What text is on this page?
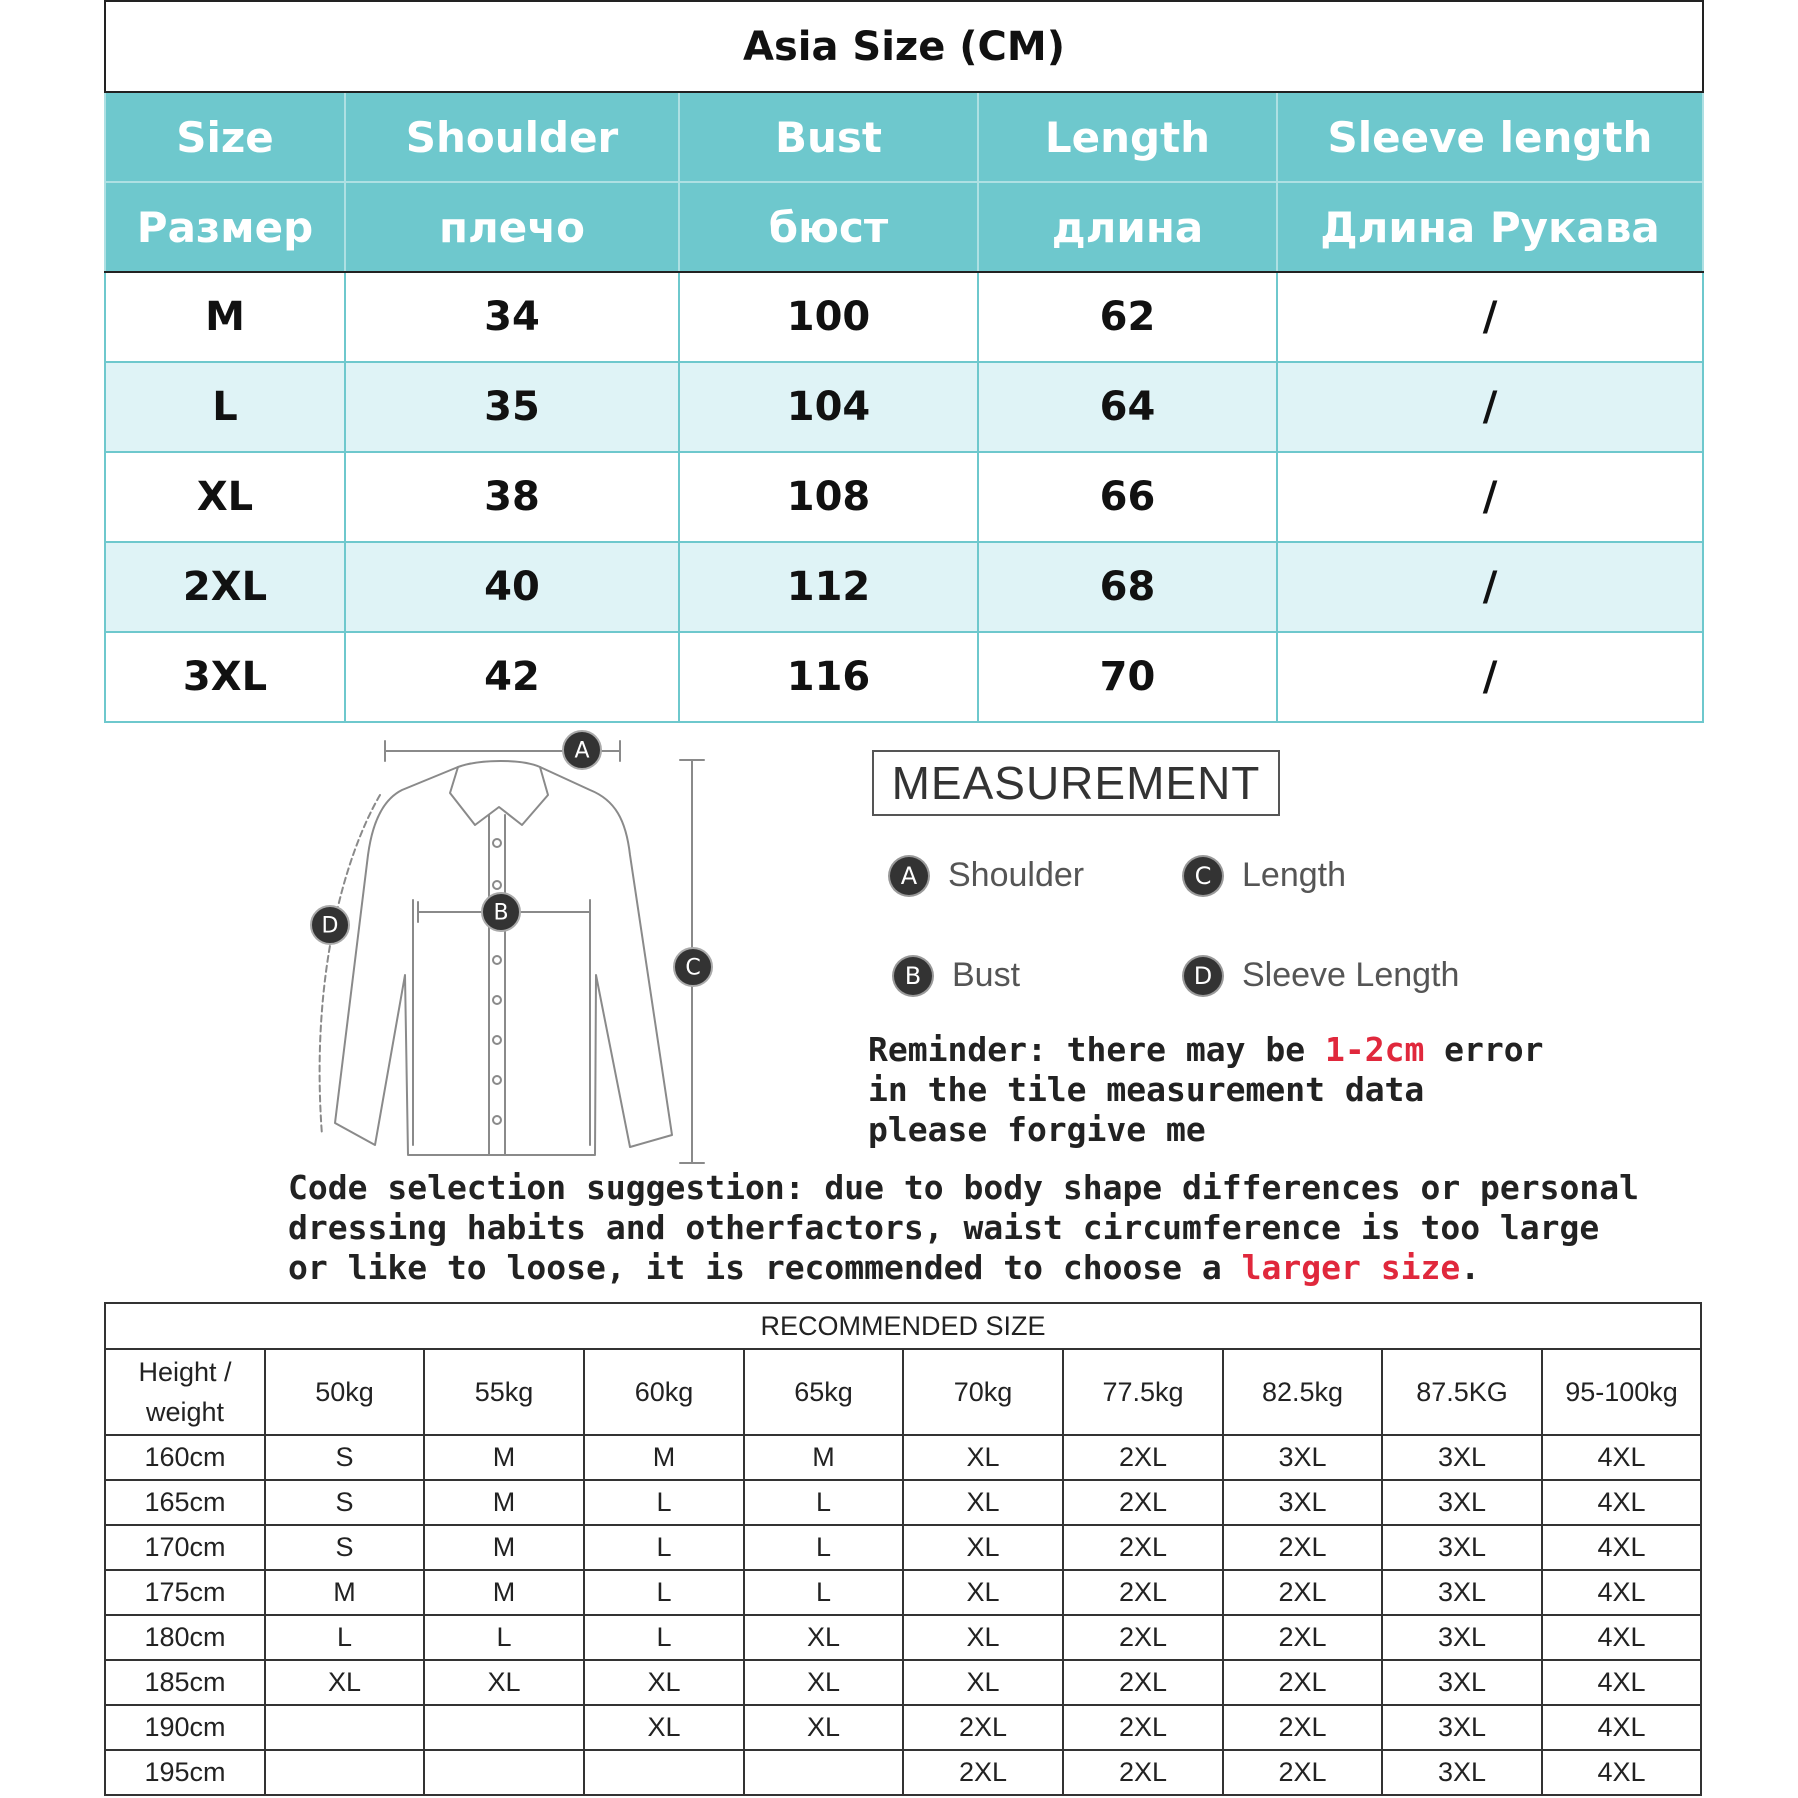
Asia Size (CM)				
Size	Shoulder	Bust	Length	Sleeve length
Размер	плечо	бюст	длина	Длина Рукава
M	34	100	62	/
L	35	104	64	/
XL	38	108	66	/
2XL	40	112	68	/
3XL	42	116	70	/
A
B
C
D
MEASUREMENT
A Shoulder	C Length
B Bust	D Sleeve Length
Reminder: there may be 1-2cm error
in the tile measurement data
please forgive me
Code selection suggestion: due to body shape differences or personal
dressing habits and otherfactors, waist circumference is too large
or like to loose, it is recommended to choose a larger size.
RECOMMENDED SIZE									

Height /
weight	50kg	55kg	60kg	65kg	70kg	77.5kg	82.5kg	87.5KG	95-100kg
160cm	S	M	M	M	XL	2XL	3XL	3XL	4XL
165cm	S	M	L	L	XL	2XL	3XL	3XL	4XL
170cm	S	M	L	L	XL	2XL	2XL	3XL	4XL
175cm	M	M	L	L	XL	2XL	2XL	3XL	4XL
180cm	L	L	L	XL	XL	2XL	2XL	3XL	4XL
185cm	XL	XL	XL	XL	XL	2XL	2XL	3XL	4XL
190cm			XL	XL	2XL	2XL	2XL	3XL	4XL
195cm					2XL	2XL	2XL	3XL	4XL
